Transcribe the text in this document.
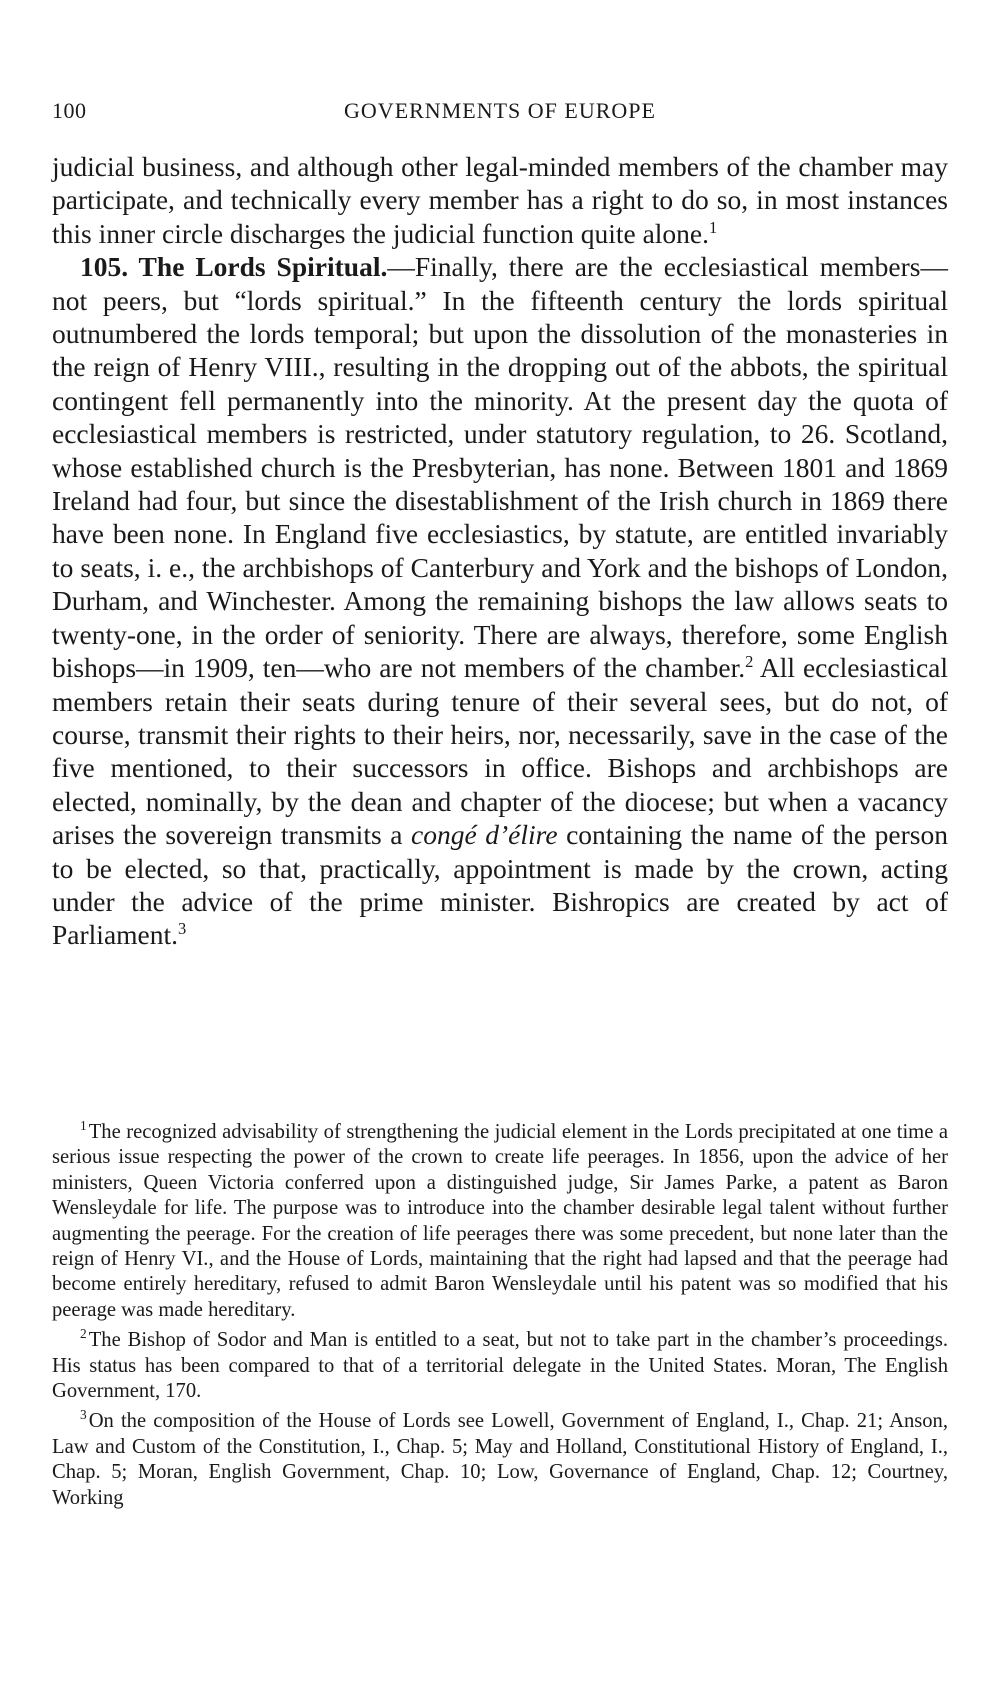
100	GOVERNMENTS OF EUROPE

judicial business, and although other legal-minded members of the chamber may participate, and technically every member has a right to do so, in most instances this inner circle discharges the judicial function quite alone.$^1$

105. The Lords Spiritual.—Finally, there are the ecclesiastical members—not peers, but “lords spiritual.” In the fifteenth century the lords spiritual outnumbered the lords temporal; but upon the dissolution of the monasteries in the reign of Henry VIII., resulting in the dropping out of the abbots, the spiritual contingent fell permanently into the minority. At the present day the quota of ecclesiastical members is restricted, under statutory regulation, to 26. Scotland, whose established church is the Presbyterian, has none. Between 1801 and 1869 Ireland had four, but since the disestablishment of the Irish church in 1869 there have been none. In England five ecclesiastics, by statute, are entitled invariably to seats, i. e., the archbishops of Canterbury and York and the bishops of London, Durham, and Winchester. Among the remaining bishops the law allows seats to twenty-one, in the order of seniority. There are always, therefore, some English bishops—in 1909, ten—who are not members of the chamber.$^2$ All ecclesiastical members retain their seats during tenure of their several sees, but do not, of course, transmit their rights to their heirs, nor, necessarily, save in the case of the five mentioned, to their successors in office. Bishops and archbishops are elected, nominally, by the dean and chapter of the diocese; but when a vacancy arises the sovereign transmits a congé d’élire containing the name of the person to be elected, so that, practically, appointment is made by the crown, acting under the advice of the prime minister. Bishropics are created by act of Parliament.$^3$

$^1$The recognized advisability of strengthening the judicial element in the Lords precipitated at one time a serious issue respecting the power of the crown to create life peerages. In 1856, upon the advice of her ministers, Queen Victoria conferred upon a distinguished judge, Sir James Parke, a patent as Baron Wensleydale for life. The purpose was to introduce into the chamber desirable legal talent without further augmenting the peerage. For the creation of life peerages there was some precedent, but none later than the reign of Henry VI., and the House of Lords, maintaining that the right had lapsed and that the peerage had become entirely hereditary, refused to admit Baron Wensleydale until his patent was so modified that his peerage was made hereditary.

$^2$The Bishop of Sodor and Man is entitled to a seat, but not to take part in the chamber’s proceedings. His status has been compared to that of a territorial delegate in the United States. Moran, The English Government, 170.

$^3$On the composition of the House of Lords see Lowell, Government of England, I., Chap. 21; Anson, Law and Custom of the Constitution, I., Chap. 5; May and Holland, Constitutional History of England, I., Chap. 5; Moran, English Government, Chap. 10; Low, Governance of England, Chap. 12; Courtney, Working
